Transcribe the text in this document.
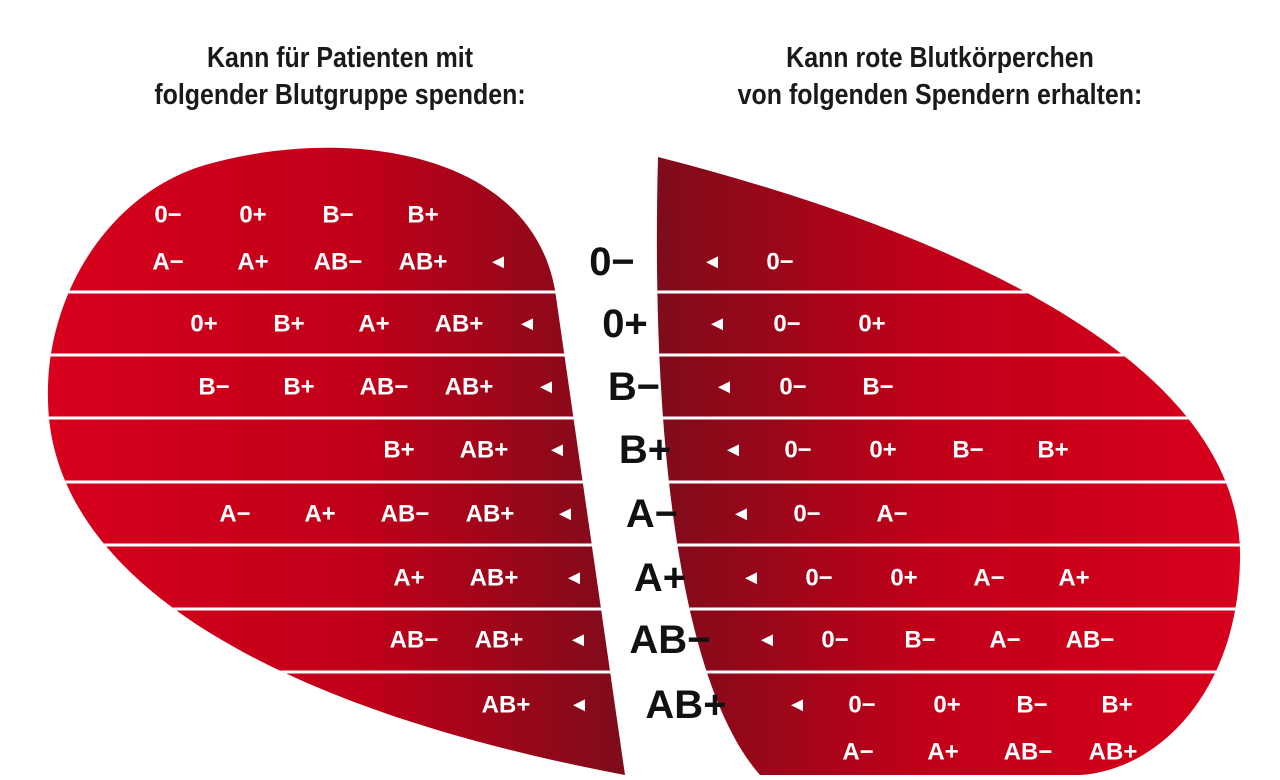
◄
0− 0+ B− B+
A− A+ AB− AB+
◄
0+ B+ A+ AB+
◄
B− B+ AB− AB+
◄
B+ AB+
◄
A− A+ AB− AB+
◄
A+ AB+
◄
AB− AB+
◄
AB+
◄ 0−
◄ 0− 0+
◄ 0− B−
◄ 0− 0+ B− B+
◄ 0− A−
◄ 0− 0+ A− A+
◄ 0− B− A− AB−
◄ 0− 0+ B− B+
A− A+ AB− AB+
0−
0+
B−
B+
A−
A+
AB−
AB+
Kann für Patienten mit
folgender Blutgruppe spenden:
Kann rote Blutkörperchen
von folgenden Spendern erhalten:
